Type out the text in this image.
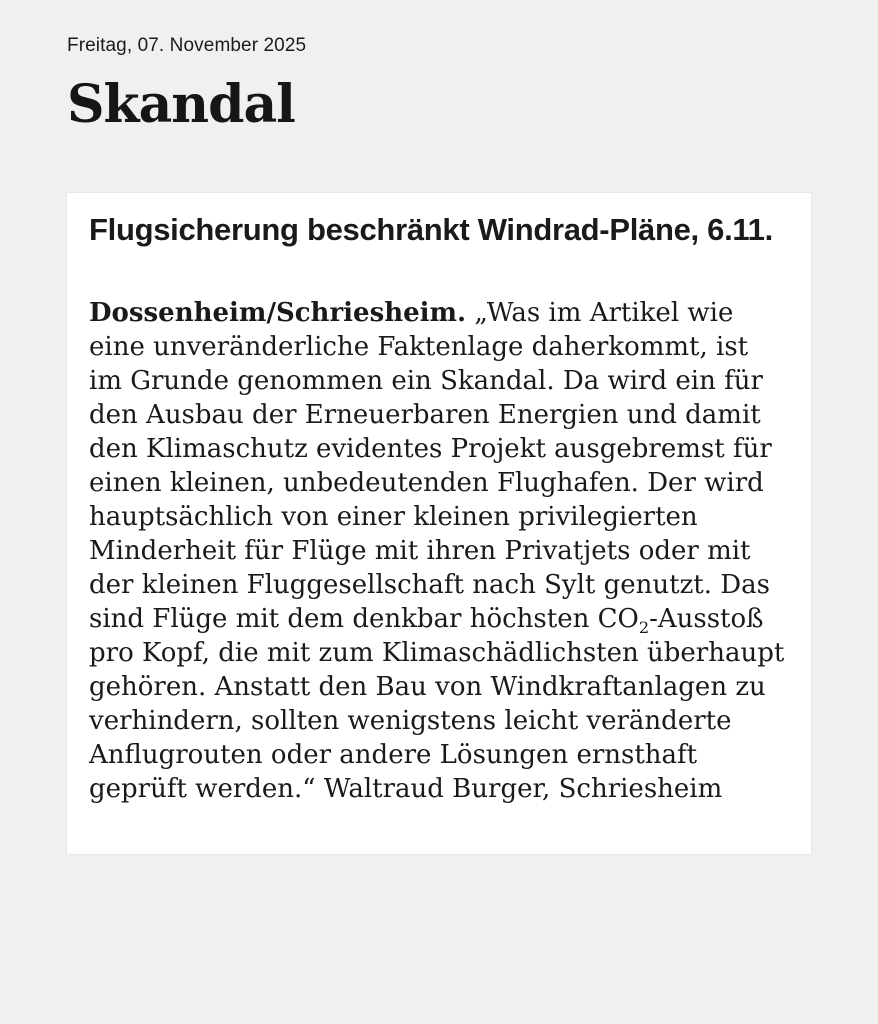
Freitag, 07. November 2025
Skandal
Flugsicherung beschränkt Windrad-Pläne, 6.11.

Dossenheim/Schriesheim. „Was im Artikel wie eine unveränderliche Faktenlage daherkommt, ist im Grunde genommen ein Skandal. Da wird ein für den Ausbau der Erneuerbaren Energien und damit den Klimaschutz evidentes Projekt ausgebremst für einen kleinen, unbedeutenden Flughafen. Der wird hauptsächlich von einer kleinen privilegierten Minderheit für Flüge mit ihren Privatjets oder mit der kleinen Fluggesellschaft nach Sylt genutzt. Das sind Flüge mit dem denkbar höchsten $CO_2$-Ausstoß pro Kopf, die mit zum Klimaschädlichsten überhaupt gehören. Anstatt den Bau von Windkraftanlagen zu verhindern, sollten wenigstens leicht veränderte Anflugrouten oder andere Lösungen ernsthaft geprüft werden.“ Waltraud Burger, Schriesheim
